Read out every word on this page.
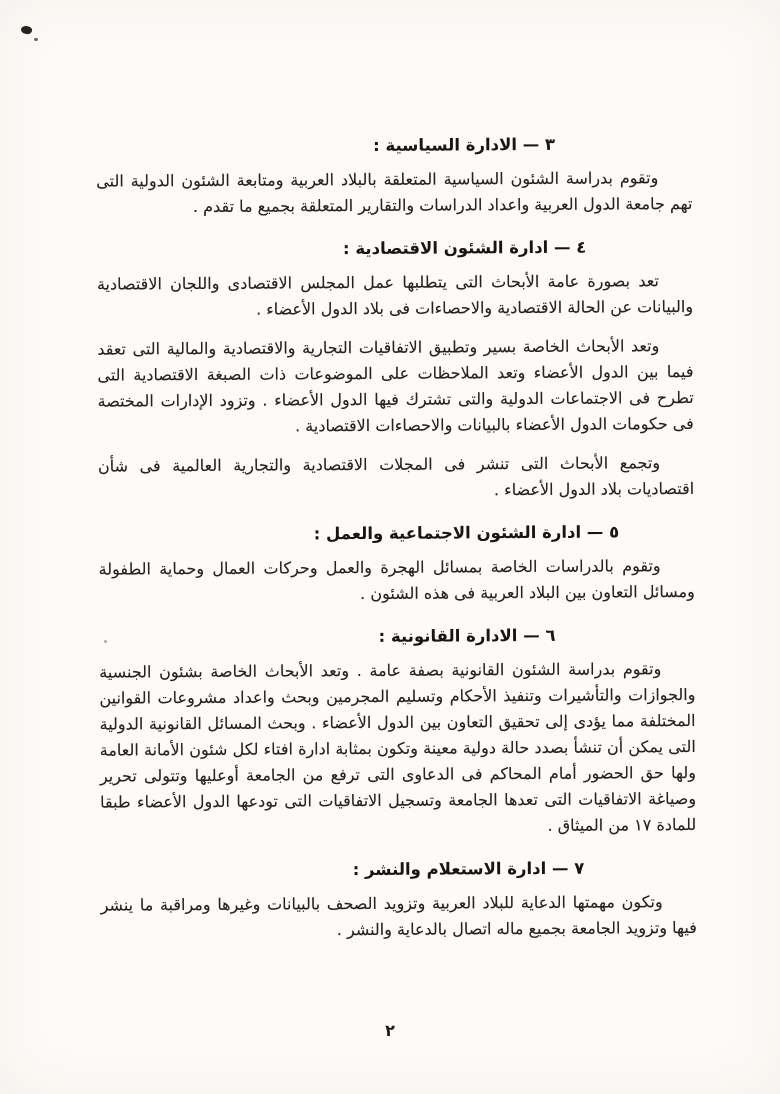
٣ — الادارة السياسية :

وتقوم بدراسة الشئون السياسية المتعلقة بالبلاد العربية ومتابعة الشئون الدولية التى تهم جامعة الدول العربية واعداد الدراسات والتقارير المتعلقة بجميع ما تقدم .

٤ — ادارة الشئون الاقتصادية :

تعد بصورة عامة الأبحاث التى يتطلبها عمل المجلس الاقتصادى واللجان الاقتصادية والبيانات عن الحالة الاقتصادية والاحصاءات فى بلاد الدول الأعضاء .

وتعد الأبحاث الخاصة بسير وتطبيق الاتفاقيات التجارية والاقتصادية والمالية التى تعقد فيما بين الدول الأعضاء وتعد الملاحظات على الموضوعات ذات الصبغة الاقتصادية التى تطرح فى الاجتماعات الدولية والتى تشترك فيها الدول الأعضاء . وتزود الإدارات المختصة فى حكومات الدول الأعضاء بالبيانات والاحصاءات الاقتصادية .

وتجمع الأبحاث التى تنشر فى المجلات الاقتصادية والتجارية العالمية فى شأن اقتصاديات بلاد الدول الأعضاء .

٥ — ادارة الشئون الاجتماعية والعمل :

وتقوم بالدراسات الخاصة بمسائل الهجرة والعمل وحركات العمال وحماية الطفولة ومسائل التعاون بين البلاد العربية فى هذه الشئون .

٦ — الادارة القانونية :

وتقوم بدراسة الشئون القانونية بصفة عامة . وتعد الأبحاث الخاصة بشئون الجنسية والجوازات والتأشيرات وتنفيذ الأحكام وتسليم المجرمين وبحث واعداد مشروعات القوانين المختلفة مما يؤدى إلى تحقيق التعاون بين الدول الأعضاء . وبحث المسائل القانونية الدولية التى يمكن أن تنشأ بصدد حالة دولية معينة وتكون بمثابة ادارة افتاء لكل شئون الأمانة العامة ولها حق الحضور أمام المحاكم فى الدعاوى التى ترفع من الجامعة أوعليها وتتولى تحرير وصياغة الاتفاقيات التى تعدها الجامعة وتسجيل الاتفاقيات التى تودعها الدول الأعضاء طبقا للمادة ١٧ من الميثاق .

٧ — ادارة الاستعلام والنشر :

وتكون مهمتها الدعاية للبلاد العربية وتزويد الصحف بالبيانات وغيرها ومراقبة ما ينشر فيها وتزويد الجامعة بجميع ماله اتصال بالدعاية والنشر .

٢
